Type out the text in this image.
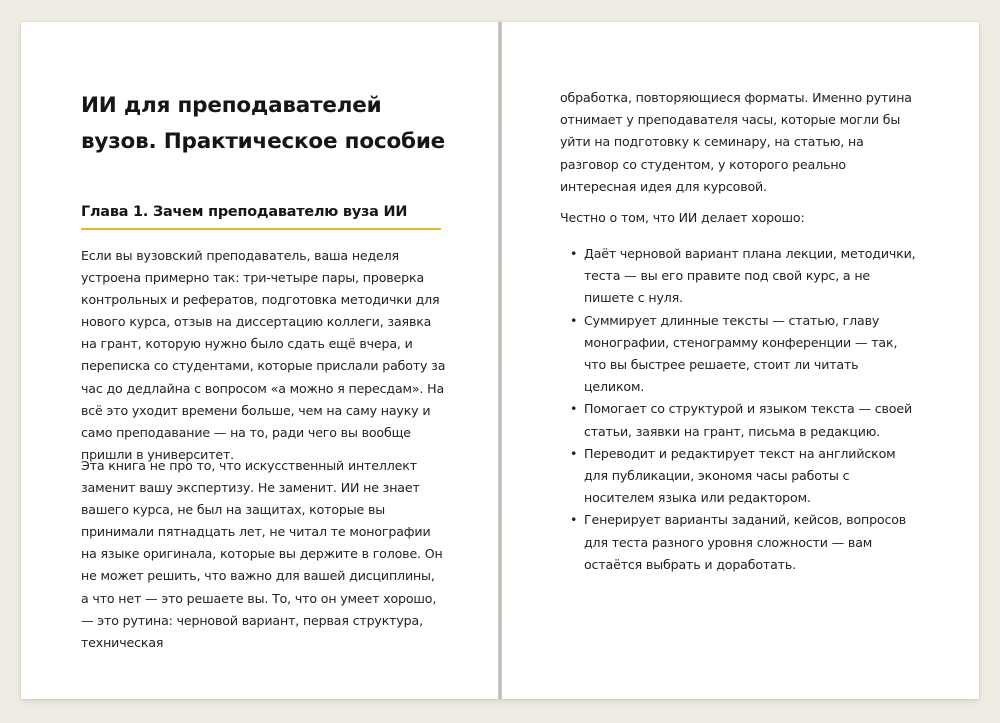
ИИ для преподавателей вузов. Практическое пособие
Глава 1. Зачем преподавателю вуза ИИ

Если вы вузовский преподаватель, ваша неделя устроена примерно так: три-четыре пары, проверка контрольных и рефератов, подготовка методички для нового курса, отзыв на диссертацию коллеги, заявка на грант, которую нужно было сдать ещё вчера, и переписка со студентами, которые прислали работу за час до дедлайна с вопросом «а можно я пересдам». На всё это уходит времени больше, чем на саму науку и само преподавание — на то, ради чего вы вообще пришли в университет.

Эта книга не про то, что искусственный интеллект заменит вашу экспертизу. Не заменит. ИИ не знает вашего курса, не был на защитах, которые вы принимали пятнадцать лет, не читал те монографии на языке оригинала, которые вы держите в голове. Он не может решить, что важно для вашей дисциплины, а что нет — это решаете вы. То, что он умеет хорошо, — это рутина: черновой вариант, первая структура, техническая

обработка, повторяющиеся форматы. Именно рутина отнимает у преподавателя часы, которые могли бы уйти на подготовку к семинару, на статью, на разговор со студентом, у которого реально интересная идея для курсовой.

Честно о том, что ИИ делает хорошо:

• Даёт черновой вариант плана лекции, методички, теста — вы его правите под свой курс, а не пишете с нуля.
• Суммирует длинные тексты — статью, главу монографии, стенограмму конференции — так, что вы быстрее решаете, стоит ли читать целиком.
• Помогает со структурой и языком текста — своей статьи, заявки на грант, письма в редакцию.
• Переводит и редактирует текст на английском для публикации, экономя часы работы с носителем языка или редактором.
• Генерирует варианты заданий, кейсов, вопросов для теста разного уровня сложности — вам остаётся выбрать и доработать.
